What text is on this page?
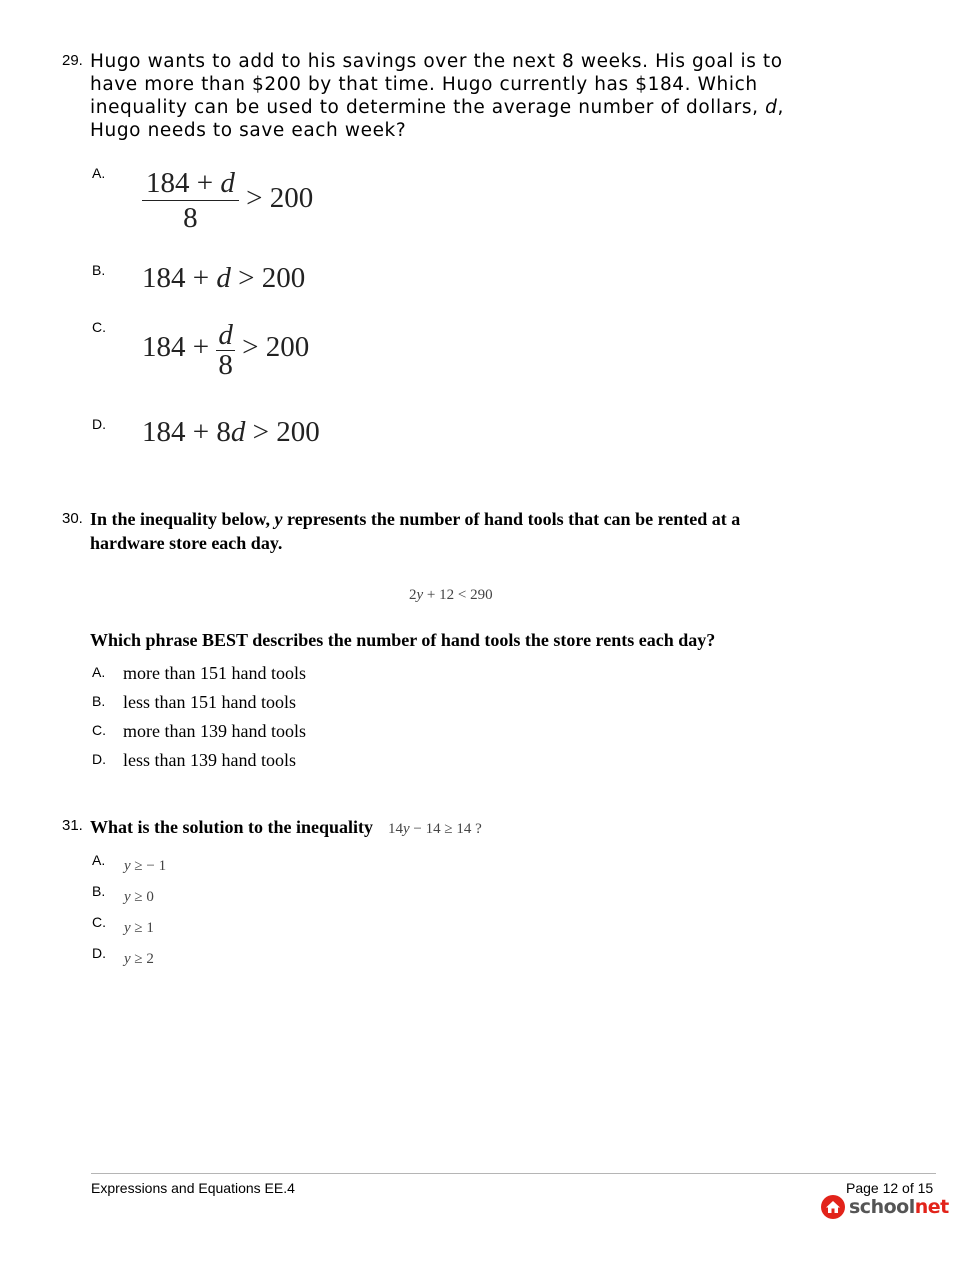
29. Hugo wants to add to his savings over the next 8 weeks. His goal is to
have more than $200 by that time. Hugo currently has $184. Which
inequality can be used to determine the average number of dollars, d,
Hugo needs to save each week?
A. $\frac{184 + d}{8} > 200$
B. 184 + d > 200
C.
$184 + \frac{d}{8} > 200$
D. 184 + 8d > 200
30. In the inequality below, y represents the number of hand tools that can be rented at a
hardware store each day.
2y + 12 < 290
Which phrase BEST describes the number of hand tools the store rents each day?
A. more than 151 hand tools
B. less than 151 hand tools
C. more than 139 hand tools
D. less than 139 hand tools
31. What is the solution to the inequality 14y − 14 ≥ 14 ?
A. y ≥ − 1
B. y ≥ 0
C. y ≥ 1
D. y ≥ 2
Expressions and Equations EE.4	Page 12 of 15
schoolnet
